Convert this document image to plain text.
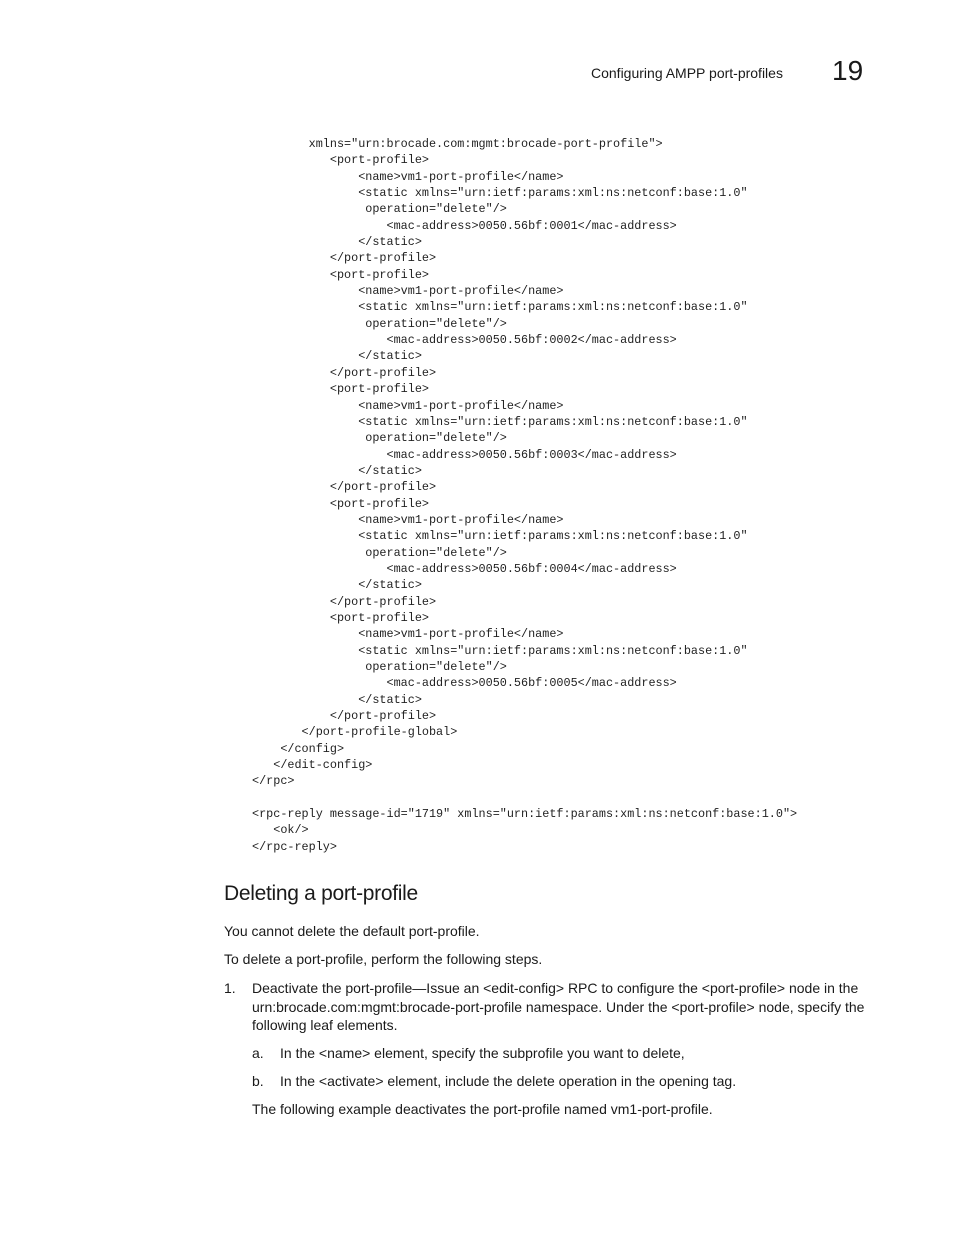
Configuring AMPP port-profiles 19
xmlns="urn:brocade.com:mgmt:brocade-port-profile">
<port-profile>
<name>vm1-port-profile</name>
<static xmlns="urn:ietf:params:xml:ns:netconf:base:1.0"
operation="delete"/>
<mac-address>0050.56bf:0001</mac-address>
</static>
</port-profile>
<port-profile>
<name>vm1-port-profile</name>
<static xmlns="urn:ietf:params:xml:ns:netconf:base:1.0"
operation="delete"/>
<mac-address>0050.56bf:0002</mac-address>
</static>
</port-profile>
<port-profile>
<name>vm1-port-profile</name>
<static xmlns="urn:ietf:params:xml:ns:netconf:base:1.0"
operation="delete"/>
<mac-address>0050.56bf:0003</mac-address>
</static>
</port-profile>
<port-profile>
<name>vm1-port-profile</name>
<static xmlns="urn:ietf:params:xml:ns:netconf:base:1.0"
operation="delete"/>
<mac-address>0050.56bf:0004</mac-address>
</static>
</port-profile>
<port-profile>
<name>vm1-port-profile</name>
<static xmlns="urn:ietf:params:xml:ns:netconf:base:1.0"
operation="delete"/>
<mac-address>0050.56bf:0005</mac-address>
</static>
</port-profile>
</port-profile-global>
</config>
</edit-config>
</rpc>
<rpc-reply message-id="1719" xmlns="urn:ietf:params:xml:ns:netconf:base:1.0">
<ok/>
</rpc-reply>
Deleting a port-profile

You cannot delete the default port-profile.

To delete a port-profile, perform the following steps.

1. Deactivate the port-profile—Issue an <edit-config> RPC to configure the <port-profile> node in the urn:brocade.com:mgmt:brocade-port-profile namespace. Under the <port-profile> node, specify the following leaf elements.
a. In the <name> element, specify the subprofile you want to delete,
b. In the <activate> element, include the delete operation in the opening tag.

The following example deactivates the port-profile named vm1-port-profile.
